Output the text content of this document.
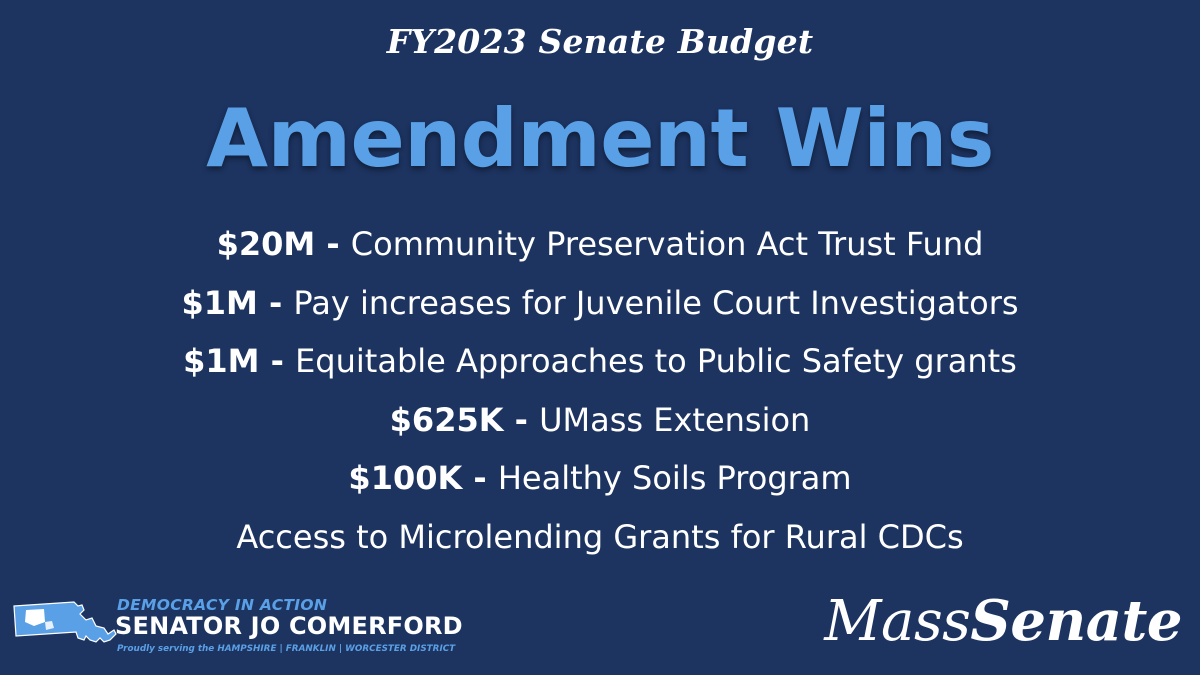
FY2023 Senate Budget
Amendment Wins
$20M - Community Preservation Act Trust Fund
$1M - Pay increases for Juvenile Court Investigators
$1M - Equitable Approaches to Public Safety grants
$625K - UMass Extension
$100K - Healthy Soils Program
Access to Microlending Grants for Rural CDCs
DEMOCRACY IN ACTION
SENATOR JO COMERFORD
Proudly serving the HAMPSHIRE | FRANKLIN | WORCESTER DISTRICT	MassSenate
